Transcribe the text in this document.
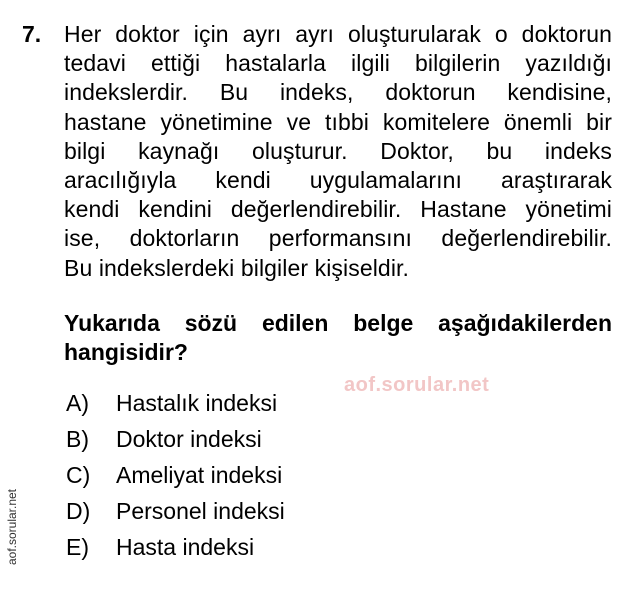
7. Her doktor için ayrı ayrı oluşturularak o doktorun
tedavi ettiği hastalarla ilgili bilgilerin yazıldığı
indekslerdir. Bu indeks, doktorun kendisine,
hastane yönetimine ve tıbbi komitelere önemli bir
bilgi kaynağı oluşturur. Doktor, bu indeks
aracılığıyla kendi uygulamalarını araştırarak
kendi kendini değerlendirebilir. Hastane yönetimi
ise, doktorların performansını değerlendirebilir.
Bu indekslerdeki bilgiler kişiseldir.
Yukarıda sözü edilen belge aşağıdakilerden
hangisidir?
aof.sorular.net
aof.sorular.net
A)	Hastalık indeksi
B)	Doktor indeksi
C)	Ameliyat indeksi
D)	Personel indeksi
E)	Hasta indeksi
